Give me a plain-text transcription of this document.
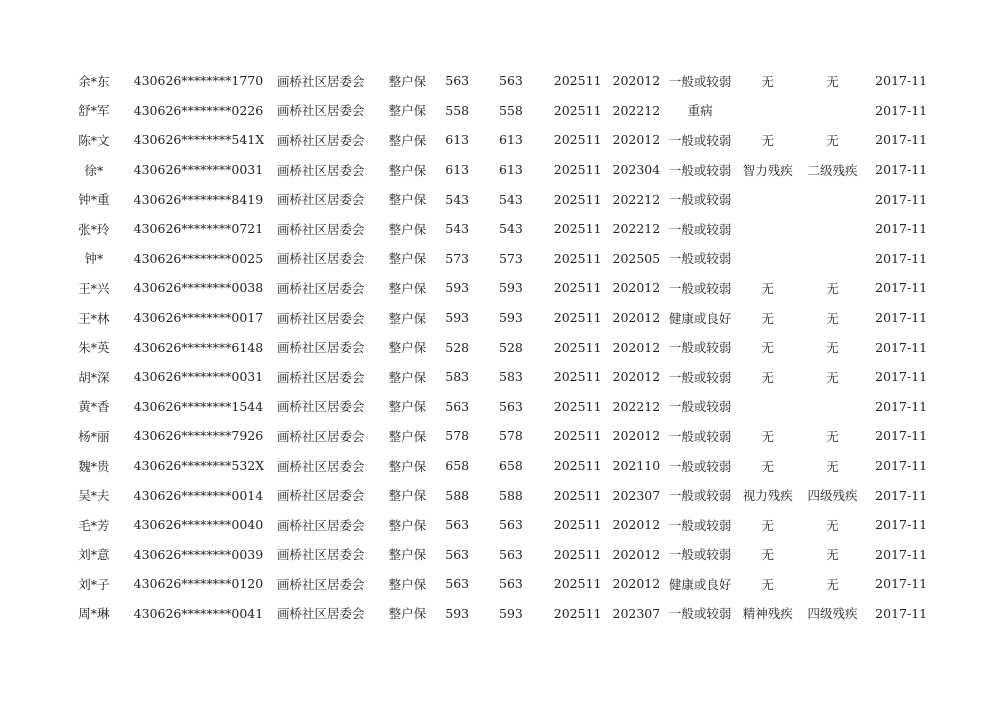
余*东	430626********1770	画桥社区居委会	整户保	563	563	202511 202012 一般或较弱	无	无	2017-11
舒*军	430626********0226	画桥社区居委会	整户保	558	558	202511 202212	重病	2017-11
陈*文	430626********541X	画桥社区居委会	整户保	613	613	202511 202012 一般或较弱	无	无	2017-11
徐*	430626********0031	画桥社区居委会	整户保	613	613	202511 202304 一般或较弱 智力残疾	二级残疾	2017-11
钟*重	430626********8419	画桥社区居委会	整户保	543	543	202511 202212 一般或较弱	2017-11
张*玲	430626********0721	画桥社区居委会	整户保	543	543	202511 202212 一般或较弱	2017-11
钟*	430626********0025	画桥社区居委会	整户保	573	573	202511 202505 一般或较弱	2017-11
王*兴	430626********0038	画桥社区居委会	整户保	593	593	202511 202012 一般或较弱	无	无	2017-11
王*林	430626********0017	画桥社区居委会	整户保	593	593	202511 202012 健康或良好	无	无	2017-11
朱*英	430626********6148	画桥社区居委会	整户保	528	528	202511 202012 一般或较弱	无	无	2017-11
胡*深	430626********0031	画桥社区居委会	整户保	583	583	202511 202012 一般或较弱	无	无	2017-11
黄*香	430626********1544	画桥社区居委会	整户保	563	563	202511 202212 一般或较弱	2017-11
杨*丽	430626********7926	画桥社区居委会	整户保	578	578	202511 202012 一般或较弱	无	无	2017-11
魏*贵	430626********532X	画桥社区居委会	整户保	658	658	202511 202110 一般或较弱	无	无	2017-11
吴*夫	430626********0014	画桥社区居委会	整户保	588	588	202511 202307 一般或较弱 视力残疾	四级残疾	2017-11
毛*芳	430626********0040	画桥社区居委会	整户保	563	563	202511 202012 一般或较弱	无	无	2017-11
刘*意	430626********0039	画桥社区居委会	整户保	563	563	202511 202012 一般或较弱	无	无	2017-11
刘*子	430626********0120	画桥社区居委会	整户保	563	563	202511 202012 健康或良好	无	无	2017-11
周*琳	430626********0041	画桥社区居委会	整户保	593	593	202511 202307 一般或较弱 精神残疾	四级残疾	2017-11
